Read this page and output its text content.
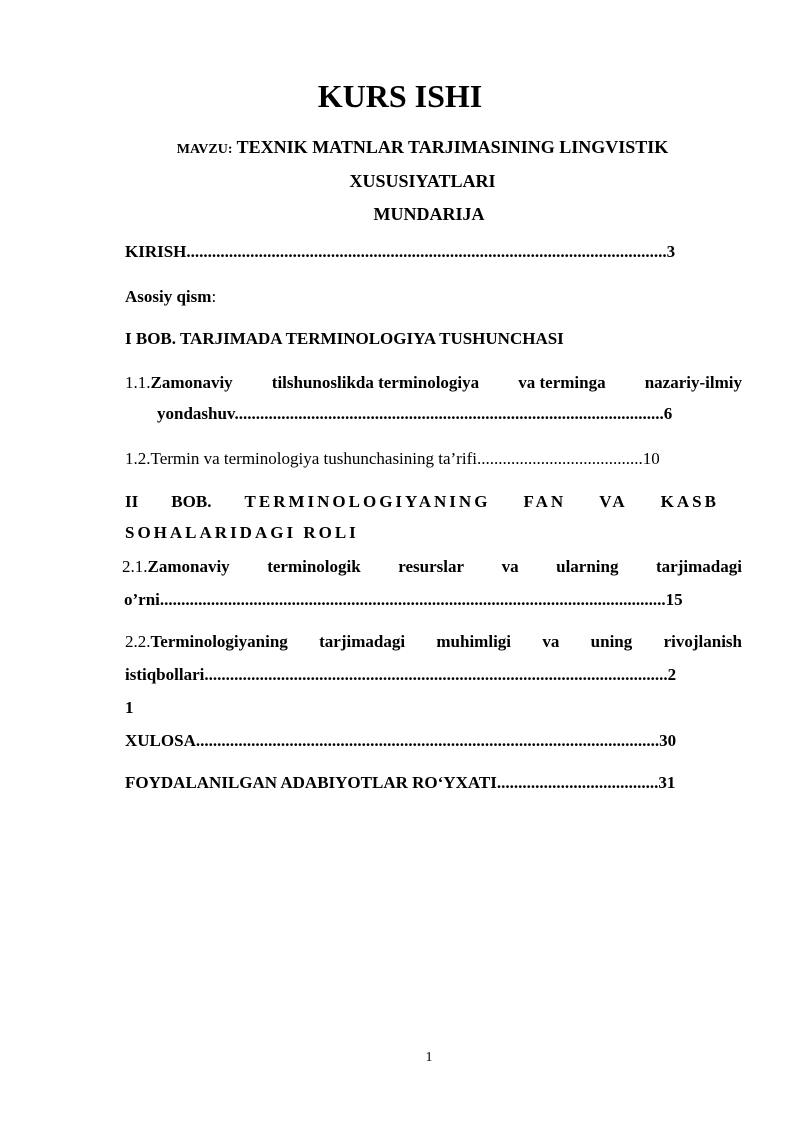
KURS ISHI
MAVZU: TEXNIK MATNLAR TARJIMASINING LINGVISTIK
XUSUSIYATLARI
MUNDARIJA
KIRISH.................................................................................................................3
Asosiy qism:
I BOB. TARJIMADA TERMINOLOGIYA TUSHUNCHASI
1.1.Zamonaviy tilshunoslikda terminologiya va terminga nazariy-ilmiy
yondashuv.....................................................................................................6
1.2.Termin va terminologiya tushunchasining ta’rifi.......................................10
II BOB. TERMINOLOGIYANING FAN VA KASB
SOHALARIDAGI ROLI
2.1.Zamonaviy terminologik resurslar va ularning tarjimadagi
o’rni.......................................................................................................................15
2.2.Terminologiyaning tarjimadagi muhimligi va uning rivojlanish
istiqbollari.............................................................................................................2
1
XULOSA.............................................................................................................30
FOYDALANILGAN ADABIYOTLAR RO‘YXATI......................................31
1
